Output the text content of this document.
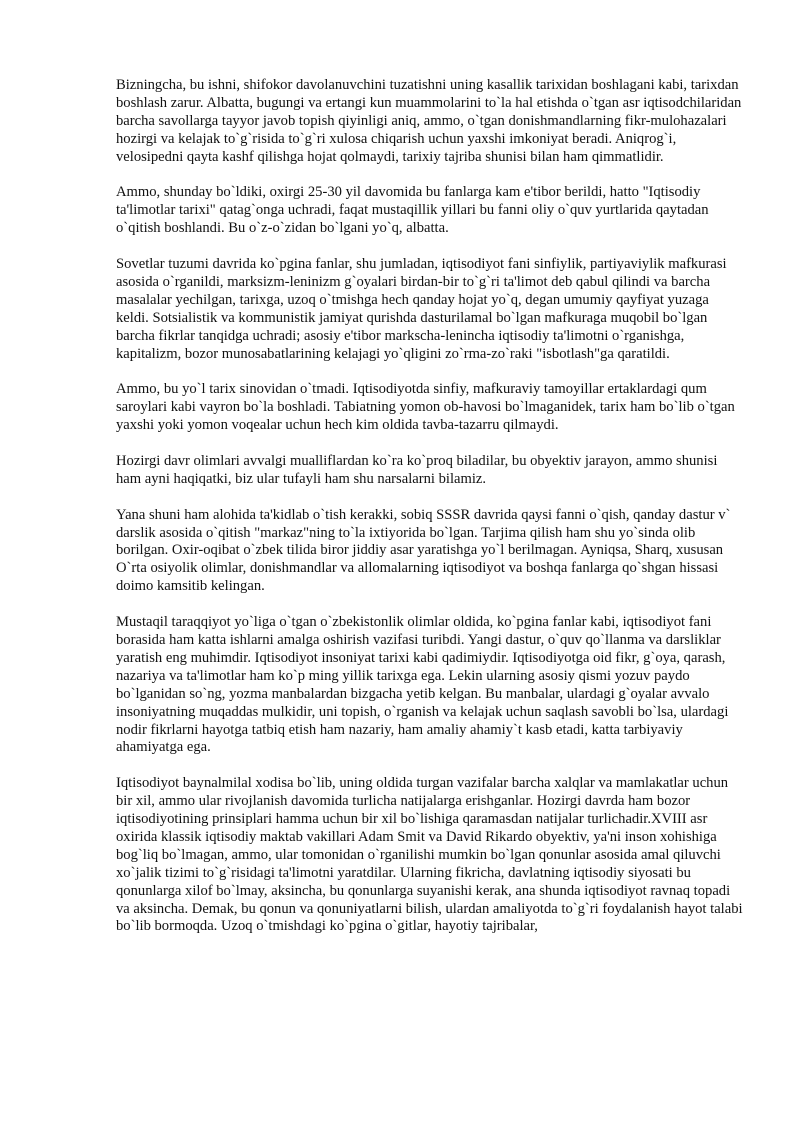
Bizningcha, bu ishni, shifokor davolanuvchini tuzatishni uning kasallik tarixidan boshlagani kabi, tarixdan boshlash zarur. Albatta, bugungi va ertangi kun muammolarini to`la hal etishda o`tgan asr iqtisodchilaridan barcha savollarga tayyor javob topish qiyinligi aniq, ammo, o`tgan donishmandlarning fikr-mulohazalari hozirgi va kelajak to`g`risida to`g`ri xulosa chiqarish uchun yaxshi imkoniyat beradi. Aniqrog`i, velosipedni qayta kashf qilishga hojat qolmaydi, tarixiy tajriba shunisi bilan ham qimmatlidir.

Ammo, shunday bo`ldiki, oxirgi 25-30 yil davomida bu fanlarga kam e'tibor berildi, hatto "Iqtisodiy ta'limotlar tarixi" qatag`onga uchradi, faqat mustaqillik yillari bu fanni oliy o`quv yurtlarida qaytadan o`qitish boshlandi. Bu o`z-o`zidan bo`lgani yo`q, albatta.

Sovetlar tuzumi davrida ko`pgina fanlar, shu jumladan, iqtisodiyot fani sinfiylik, partiyaviylik mafkurasi asosida o`rganildi, marksizm-leninizm g`oyalari birdan-bir to`g`ri ta'limot deb qabul qilindi va barcha masalalar yechilgan, tarixga, uzoq o`tmishga hech qanday hojat yo`q, degan umumiy qayfiyat yuzaga keldi. Sotsialistik va kommunistik jamiyat qurishda dasturilamal bo`lgan mafkuraga muqobil bo`lgan barcha fikrlar tanqidga uchradi; asosiy e'tibor markscha-lenincha iqtisodiy ta'limotni o`rganishga, kapitalizm, bozor munosabatlarining kelajagi yo`qligini zo`rma-zo`raki "isbotlash"ga qaratildi.

Ammo, bu yo`l tarix sinovidan o`tmadi. Iqtisodiyotda sinfiy, mafkuraviy tamoyillar ertaklardagi qum saroylari kabi vayron bo`la boshladi. Tabiatning yomon ob-havosi bo`lmaganidek, tarix ham bo`lib o`tgan yaxshi yoki yomon voqealar uchun hech kim oldida tavba-tazarru qilmaydi.

Hozirgi davr olimlari avvalgi mualliflardan ko`ra ko`proq biladilar, bu obyektiv jarayon, ammo shunisi ham ayni haqiqatki, biz ular tufayli ham shu narsalarni bilamiz.

Yana shuni ham alohida ta'kidlab o`tish kerakki, sobiq SSSR davrida qaysi fanni o`qish, qanday dastur v` darslik asosida o`qitish "markaz"ning to`la ixtiyorida bo`lgan. Tarjima qilish ham shu yo`sinda olib borilgan. Oxir-oqibat o`zbek tilida biror jiddiy asar yaratishga yo`l berilmagan. Ayniqsa, Sharq, xususan O`rta osiyolik olimlar, donishmandlar va allomalarning iqtisodiyot va boshqa fanlarga qo`shgan hissasi doimo kamsitib kelingan.

Mustaqil taraqqiyot yo`liga o`tgan o`zbekistonlik olimlar oldida, ko`pgina fanlar kabi, iqtisodiyot fani borasida ham katta ishlarni amalga oshirish vazifasi turibdi. Yangi dastur, o`quv qo`llanma va darsliklar yaratish eng muhimdir. Iqtisodiyot insoniyat tarixi kabi qadimiydir. Iqtisodiyotga oid fikr, g`oya, qarash, nazariya va ta'limotlar ham ko`p ming yillik tarixga ega. Lekin ularning asosiy qismi yozuv paydo bo`lganidan so`ng, yozma manbalardan bizgacha yetib kelgan. Bu manbalar, ulardagi g`oyalar avvalo insoniyatning muqaddas mulkidir, uni topish, o`rganish va kelajak uchun saqlash savobli bo`lsa, ulardagi nodir fikrlarni hayotga tatbiq etish ham nazariy, ham amaliy ahamiy`t kasb etadi, katta tarbiyaviy ahamiyatga ega.

Iqtisodiyot baynalmilal xodisa bo`lib, uning oldida turgan vazifalar barcha xalqlar va mamlakatlar uchun bir xil, ammo ular rivojlanish davomida turlicha natijalarga erishganlar. Hozirgi davrda ham bozor iqtisodiyotining prinsiplari hamma uchun bir xil bo`lishiga qaramasdan natijalar turlichadir.XVIII asr oxirida klassik iqtisodiy maktab vakillari Adam Smit va David Rikardo obyektiv, ya'ni inson xohishiga bog`liq bo`lmagan, ammo, ular tomonidan o`rganilishi mumkin bo`lgan qonunlar asosida amal qiluvchi xo`jalik tizimi to`g`risidagi ta'limotni yaratdilar. Ularning fikricha, davlatning iqtisodiy siyosati bu qonunlarga xilof bo`lmay, aksincha, bu qonunlarga suyanishi kerak, ana shunda iqtisodiyot ravnaq topadi va aksincha. Demak, bu qonun va qonuniyatlarni bilish, ulardan amaliyotda to`g`ri foydalanish hayot talabi bo`lib bormoqda. Uzoq o`tmishdagi ko`pgina o`gitlar, hayotiy tajribalar,
